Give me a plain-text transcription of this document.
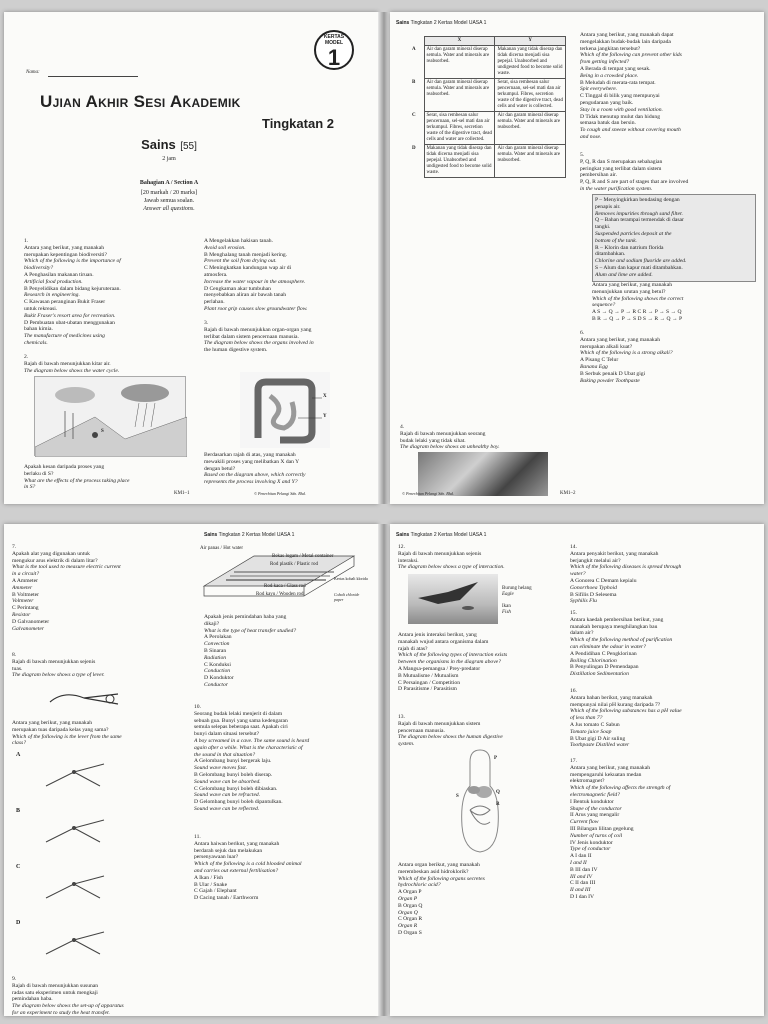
KERTAS MODEL
1
Nama:
Ujian Akhir Sesi Akademik
Tingkatan 2
Sains [55]
2 jam
Bahagian A / Section A
[20 markah / 20 marks]
Jawab semua soalan.
Answer all questions.
1.
Antara yang berikut, yang manakah
merupakan kepentingan biodiversiti?
Which of the following is the importance of
biodiversity?
A Penghasilan makanan tiruan.
Artificial food production.
B Penyelidikan dalam bidang kejuruteraan.
Research in engineering.
C Kawasan peranginan Bukit Fraser
untuk rekreasi.
Bukit Fraser's resort area for recreation.
D Pembuatan ubat-ubatan menggunakan
bahan kimia.
The manufacture of medicines using
chemicals.
A Mengelakkan hakisan tanah.
Avoid soil erosion.
B Menghalang tanah menjadi kering.
Prevent the soil from drying out.
C Meningkatkan kandungan wap air di
atmosfera.
Increase the water vapour in the atmosphere.
D Cengkaman akar tumbuhan
menyebabkan aliran air bawah tanah
perlahan.
Plant root grip causes slow groundwater flow.
2.
Rajah di bawah menunjukkan kitar air.
The diagram below shows the water cycle.
S
Apakah kesan daripada proses yang
berlaku di S?
What are the effects of the process taking place
in S?
3.
Rajah di bawah menunjukkan organ-organ yang
terlibat dalam sistem pencernaan manusia.
The diagram below shows the organs involved in
the human digestive system.
X
Y
Berdasarkan rajah di atas, yang manakah
mewakili proses yang melibatkan X dan Y
dengan betul?
Based on the diagram above, which correctly
represents the process involving X and Y?
KM1–1	© Penerbitan Pelangi Sdn. Bhd.
Sains Tingkatan 2 Kertas Model UASA 1
	X	Y
A	Air dan garam mineral diserap semula. Water and minerals are reabsorbed.	Makanan yang tidak diserap dan tidak dicerna menjadi sisa pepejal. Unabsorbed and undigested food to become solid waste.
B	Air dan garam mineral diserap semula. Water and minerals are reabsorbed.	Serat, sisa rembesan salur pencernaan, sel-sel mati dan air terkumpul. Fibres, secretion waste of the digestive tract, dead cells and water is collected.
C	Serat, sisa rembesan salur pencernaan, sel-sel mati dan air terkumpul. Fibres, secretion waste of the digestive tract, dead cells and water are collected.	Air dan garam mineral diserap semula. Water and minerals are reabsorbed.
D	Makanan yang tidak diserap dan tidak dicerna menjadi sisa pepejal. Unabsorbed and undigested food to become solid waste.	Air dan garam mineral diserap semula. Water and minerals are reabsorbed.
4.
Rajah di bawah menunjukkan seorang
budak lelaki yang tidak sihat.
The diagram below shows an unhealthy boy.
Antara yang berikut, yang manakah dapat
mengelakkan budak-budak lain daripada
terkena jangkitan tersebut?
Which of the following can prevent other kids
from getting infected?
A Berada di tempat yang sesak.
Being in a crowded place.
B Meludah di merata-rata tempat.
Spit everywhere.
C Tinggal di bilik yang mempunyai
pengudaraan yang baik.
Stay in a room with good ventilation.
D Tidak menutup mulut dan hidung
semasa batuk dan bersin.
To cough and sneeze without covering mouth
and nose.
5.
P, Q, R dan S merupakan sebahagian
peringkat yang terlibat dalam sistem
pembersihan air.
P, Q, R and S are part of stages that are involved
in the water purification system.
P – Menyingkirkan bendasing dengan
penapis air.
Removes impurities through sand filter.
Q – Bahan terampai termendak di dasar
tangki.
Suspended particles deposit at the
bottom of the tank.
R – Klorin dan natrium florida
ditambahkan.
Chlorine and sodium fluoride are added.
S – Alum dan kapur mati ditambahkan.
Alum and lime are added.
Antara yang berikut, yang manakah
menunjukkan urutan yang betul?
Which of the following shows the correct
sequence?
A S → Q → P → R C R → P → S → Q
B R → Q → P → S D S → R → Q → P
6.
Antara yang berikut, yang manakah
merupakan alkali kuat?
Which of the following is a strong alkali?
A Pisang C Telur
Banana Egg
B Serbuk penaik D Ubat gigi
Baking powder Toothpaste
© Penerbitan Pelangi Sdn. Bhd.	KM1–2
Sains Tingkatan 2 Kertas Model UASA 1
7.
Apakah alat yang digunakan untuk
mengukur arus elektrik di dalam litar?
What is the tool used to measure electric current
in a circuit?
A Ammeter
Ammeter
B Voltmeter
Voltmeter
C Perintang
Resistor
D Galvanometer
Galvanometer
8.
Rajah di bawah menunjukkan sejenis
tuas.
The diagram below shows a type of lever.
Antara yang berikut, yang manakah
merupakan tuas daripada kelas yang sama?
Which of the following is the lever from the same
class?
A
B
C
D
9.
Rajah di bawah menunjukkan susunan
radas satu eksperimen untuk mengkaji
pemindahan haba.
The diagram below shows the set-up of apparatus
for an experiment to study the heat transfer.
Air panas / Hot water
Bekas logam / Metal container
Rod plastik / Plastic rod
Rod kaca / Glass rod
Rod kayu / Wooden rod
Kertas kobalt klorida
Cobalt chloride paper
Apakah jenis pemindahan haba yang
dikaji?
What is the type of heat transfer studied?
A Perolakan
Convection
B Sinaran
Radiation
C Konduksi
Conduction
D Konduktor
Conductor
10.
Seorang budak lelaki menjerit di dalam
sebuah gua. Bunyi yang sama kedengaran
semula selepas beberapa saat. Apakah ciri
bunyi dalam situasi tersebut?
A boy screamed in a cave. The same sound is heard
again after a while. What is the characteristic of
the sound in that situation?
A Gelombang bunyi bergerak laju.
Sound wave moves fast.
B Gelombang bunyi boleh diserap.
Sound wave can be absorbed.
C Gelombang bunyi boleh dibiaskan.
Sound wave can be refracted.
D Gelombang bunyi boleh dipantulkan.
Sound wave can be reflected.
11.
Antara haiwan berikut, yang manakah
berdarah sejuk dan melakukan
persenyawaan luar?
Which of the following is a cold blooded animal
and carries out external fertilisation?
A Ikan / Fish
B Ular / Snake
C Gajah / Elephant
D Cacing tanah / Earthworm
Sains Tingkatan 2 Kertas Model UASA 1
12.
Rajah di bawah menunjukkan sejenis
interaksi.
The diagram below shows a type of interaction.
Burung helang
Eagle
Ikan
Fish
Antara jenis interaksi berikut, yang
manakah wujud antara organisma dalam
rajah di atas?
Which of the following types of interaction exists
between the organisms in the diagram above?
A Mangsa-pemangsa / Prey-predator
B Mutualisme / Mutualism
C Persaingan / Competition
D Parasitisme / Parasitism
13.
Rajah di bawah menunjukkan sistem
pencernaan manusia.
The diagram below shows the human digestive
system.
P
Q
R
S
Antara organ berikut, yang manakah
merembeskan asid hidroklorik?
Which of the following organs secretes
hydrochloric acid?
A Organ P
Organ P
B Organ Q
Organ Q
C Organ R
Organ R
D Organ S
14.
Antara penyakit berikut, yang manakah
berjangkit melalui air?
Which of the following diseases is spread through
water?
A Gonorea C Demam kepialu
Gonorrhoea Typhoid
B Sifilis D Selesema
Syphilis Flu
15.
Antara kaedah pembersihan berikut, yang
manakah berupaya menghilangkan bau
dalam air?
Which of the following method of purification
can eliminate the odour in water?
A Pendidihan C Pengklorinan
Boiling Chlorination
B Penyulingan D Pemendapan
Distillation Sedimentation
16.
Antara bahan berikut, yang manakah
mempunyai nilai pH kurang daripada 7?
Which of the following substances has a pH value
of less than 7?
A Jus tomato C Sabun
Tomato juice Soap
B Ubat gigi D Air suling
Toothpaste Distilled water
17.
Antara yang berikut, yang manakah
mempengaruhi kekuatan medan
elektromagnet?
Which of the following affects the strength of
electromagnetic field?
I Bentuk konduktor
Shape of the conductor
II Arus yang mengalir
Current flow
III Bilangan lilitan gegelung
Number of turns of coil
IV Jenis konduktor
Type of conductor
A I dan II
I and II
B III dan IV
III and IV
C II dan III
II and III
D I dan IV
